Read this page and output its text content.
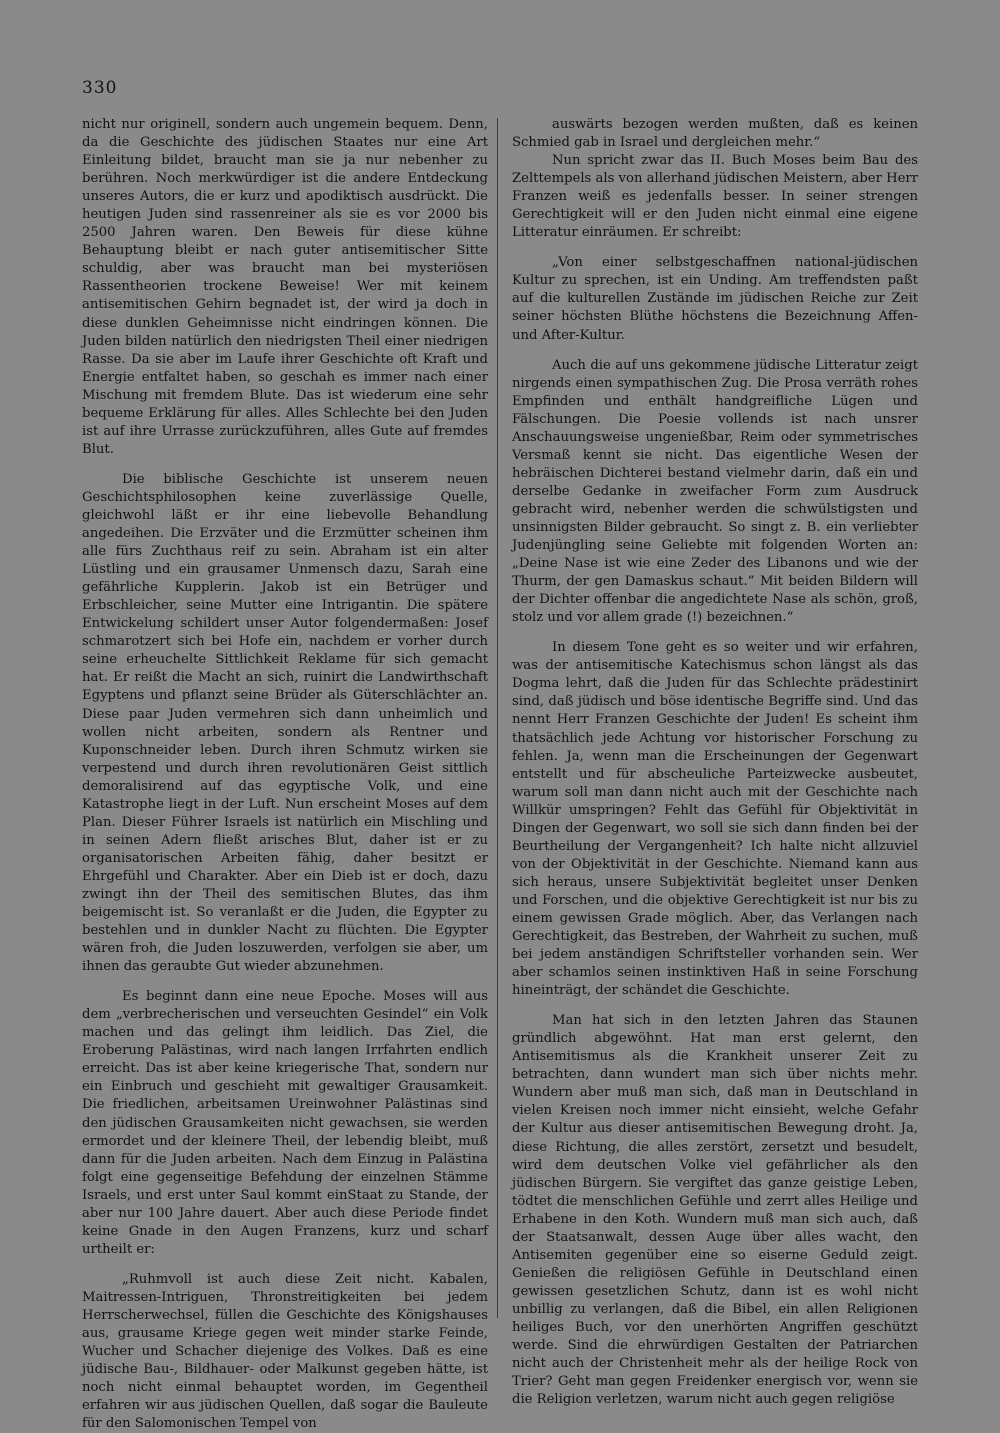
330

nicht nur originell, sondern auch ungemein bequem. Denn, da die Geschichte des jüdischen Staates nur eine Art Einleitung bildet, braucht man sie ja nur nebenher zu berühren. Noch merkwürdiger ist die andere Entdeckung unseres Autors, die er kurz und apodiktisch ausdrückt. Die heutigen Juden sind rassenreiner als sie es vor 2000 bis 2500 Jahren waren. Den Beweis für diese kühne Behauptung bleibt er nach guter antisemitischer Sitte schuldig, aber was braucht man bei mysteriösen Rassentheorien trockene Beweise! Wer mit keinem antisemitischen Gehirn begnadet ist, der wird ja doch in diese dunklen Geheimnisse nicht eindringen können. Die Juden bilden natürlich den niedrigsten Theil einer niedrigen Rasse. Da sie aber im Laufe ihrer Geschichte oft Kraft und Energie entfaltet haben, so geschah es immer nach einer Mischung mit fremdem Blute. Das ist wiederum eine sehr bequeme Erklärung für alles. Alles Schlechte bei den Juden ist auf ihre Urrasse zurückzuführen, alles Gute auf fremdes Blut.

Die biblische Geschichte ist unserem neuen Geschichtsphilosophen keine zuverlässige Quelle, gleichwohl läßt er ihr eine liebevolle Behandlung angedeihen. Die Erzväter und die Erzmütter scheinen ihm alle fürs Zuchthaus reif zu sein. Abraham ist ein alter Lüstling und ein grausamer Unmensch dazu, Sarah eine gefährliche Kupplerin. Jakob ist ein Betrüger und Erbschleicher, seine Mutter eine Intrigantin. Die spätere Entwickelung schildert unser Autor folgendermaßen: Josef schmarotzert sich bei Hofe ein, nachdem er vorher durch seine erheuchelte Sittlichkeit Reklame für sich gemacht hat. Er reißt die Macht an sich, ruinirt die Landwirthschaft Egyptens und pflanzt seine Brüder als Güterschlächter an. Diese paar Juden vermehren sich dann unheimlich und wollen nicht arbeiten, sondern als Rentner und Kuponschneider leben. Durch ihren Schmutz wirken sie verpestend und durch ihren revolutionären Geist sittlich demoralisirend auf das egyptische Volk, und eine Katastrophe liegt in der Luft. Nun erscheint Moses auf dem Plan. Dieser Führer Israels ist natürlich ein Mischling und in seinen Adern fließt arisches Blut, daher ist er zu organisatorischen Arbeiten fähig, daher besitzt er Ehrgefühl und Charakter. Aber ein Dieb ist er doch, dazu zwingt ihn der Theil des semitischen Blutes, das ihm beigemischt ist. So veranlaßt er die Juden, die Egypter zu bestehlen und in dunkler Nacht zu flüchten. Die Egypter wären froh, die Juden loszuwerden, verfolgen sie aber, um ihnen das geraubte Gut wieder abzunehmen.

Es beginnt dann eine neue Epoche. Moses will aus dem „verbrecherischen und verseuchten Gesindel“ ein Volk machen und das gelingt ihm leidlich. Das Ziel, die Eroberung Palästinas, wird nach langen Irrfahrten endlich erreicht. Das ist aber keine kriegerische That, sondern nur ein Einbruch und geschieht mit gewaltiger Grausamkeit. Die friedlichen, arbeitsamen Ureinwohner Palästinas sind den jüdischen Grausamkeiten nicht gewachsen, sie werden ermordet und der kleinere Theil, der lebendig bleibt, muß dann für die Juden arbeiten. Nach dem Einzug in Palästina folgt eine gegenseitige Befehdung der einzelnen Stämme Israels, und erst unter Saul kommt einStaat zu Stande, der aber nur 100 Jahre dauert. Aber auch diese Periode findet keine Gnade in den Augen Franzens, kurz und scharf urtheilt er:

„Ruhmvoll ist auch diese Zeit nicht. Kabalen, Maitressen-Intriguen, Thronstreitigkeiten bei jedem Herrscherwechsel, füllen die Geschichte des Königshauses aus, grausame Kriege gegen weit minder starke Feinde, Wucher und Schacher diejenige des Volkes. Daß es eine jüdische Bau-, Bildhauer- oder Malkunst gegeben hätte, ist noch nicht einmal behauptet worden, im Gegentheil erfahren wir aus jüdischen Quellen, daß sogar die Bauleute für den Salomonischen Tempel von

auswärts bezogen werden mußten, daß es keinen Schmied gab in Israel und dergleichen mehr.“

Nun spricht zwar das II. Buch Moses beim Bau des Zelttempels als von allerhand jüdischen Meistern, aber Herr Franzen weiß es jedenfalls besser. In seiner strengen Gerechtigkeit will er den Juden nicht einmal eine eigene Litteratur einräumen. Er schreibt:

„Von einer selbstgeschaffnen national-jüdischen Kultur zu sprechen, ist ein Unding. Am treffendsten paßt auf die kulturellen Zustände im jüdischen Reiche zur Zeit seiner höchsten Blüthe höchstens die Bezeichnung Affen- und After-Kultur.

Auch die auf uns gekommene jüdische Litteratur zeigt nirgends einen sympathischen Zug. Die Prosa verräth rohes Empfinden und enthält handgreifliche Lügen und Fälschungen. Die Poesie vollends ist nach unsrer Anschauungsweise ungenießbar, Reim oder symmetrisches Versmaß kennt sie nicht. Das eigentliche Wesen der hebräischen Dichterei bestand vielmehr darin, daß ein und derselbe Gedanke in zweifacher Form zum Ausdruck gebracht wird, nebenher werden die schwülstigsten und unsinnigsten Bilder gebraucht. So singt z. B. ein verliebter Judenjüngling seine Geliebte mit folgenden Worten an: „Deine Nase ist wie eine Zeder des Libanons und wie der Thurm, der gen Damaskus schaut.“ Mit beiden Bildern will der Dichter offenbar die angedichtete Nase als schön, groß, stolz und vor allem grade (!) bezeichnen.“

In diesem Tone geht es so weiter und wir erfahren, was der antisemitische Katechismus schon längst als das Dogma lehrt, daß die Juden für das Schlechte prädestinirt sind, daß jüdisch und böse identische Begriffe sind. Und das nennt Herr Franzen Geschichte der Juden! Es scheint ihm thatsächlich jede Achtung vor historischer Forschung zu fehlen. Ja, wenn man die Erscheinungen der Gegenwart entstellt und für abscheuliche Parteizwecke ausbeutet, warum soll man dann nicht auch mit der Geschichte nach Willkür umspringen? Fehlt das Gefühl für Objektivität in Dingen der Gegenwart, wo soll sie sich dann finden bei der Beurtheilung der Vergangenheit? Ich halte nicht allzuviel von der Objektivität in der Geschichte. Niemand kann aus sich heraus, unsere Subjektivität begleitet unser Denken und Forschen, und die objektive Gerechtigkeit ist nur bis zu einem gewissen Grade möglich. Aber, das Verlangen nach Gerechtigkeit, das Bestreben, der Wahrheit zu suchen, muß bei jedem anständigen Schriftsteller vorhanden sein. Wer aber schamlos seinen instinktiven Haß in seine Forschung hineinträgt, der schändet die Geschichte.

Man hat sich in den letzten Jahren das Staunen gründlich abgewöhnt. Hat man erst gelernt, den Antisemitismus als die Krankheit unserer Zeit zu betrachten, dann wundert man sich über nichts mehr. Wundern aber muß man sich, daß man in Deutschland in vielen Kreisen noch immer nicht einsieht, welche Gefahr der Kultur aus dieser antisemitischen Bewegung droht. Ja, diese Richtung, die alles zerstört, zersetzt und besudelt, wird dem deutschen Volke viel gefährlicher als den jüdischen Bürgern. Sie vergiftet das ganze geistige Leben, tödtet die menschlichen Gefühle und zerrt alles Heilige und Erhabene in den Koth. Wundern muß man sich auch, daß der Staatsanwalt, dessen Auge über alles wacht, den Antisemiten gegenüber eine so eiserne Geduld zeigt. Genießen die religiösen Gefühle in Deutschland einen gewissen gesetzlichen Schutz, dann ist es wohl nicht unbillig zu verlangen, daß die Bibel, ein allen Religionen heiliges Buch, vor den unerhörten Angriffen geschützt werde. Sind die ehrwürdigen Gestalten der Patriarchen nicht auch der Christenheit mehr als der heilige Rock von Trier? Geht man gegen Freidenker energisch vor, wenn sie die Religion verletzen, warum nicht auch gegen religiöse
